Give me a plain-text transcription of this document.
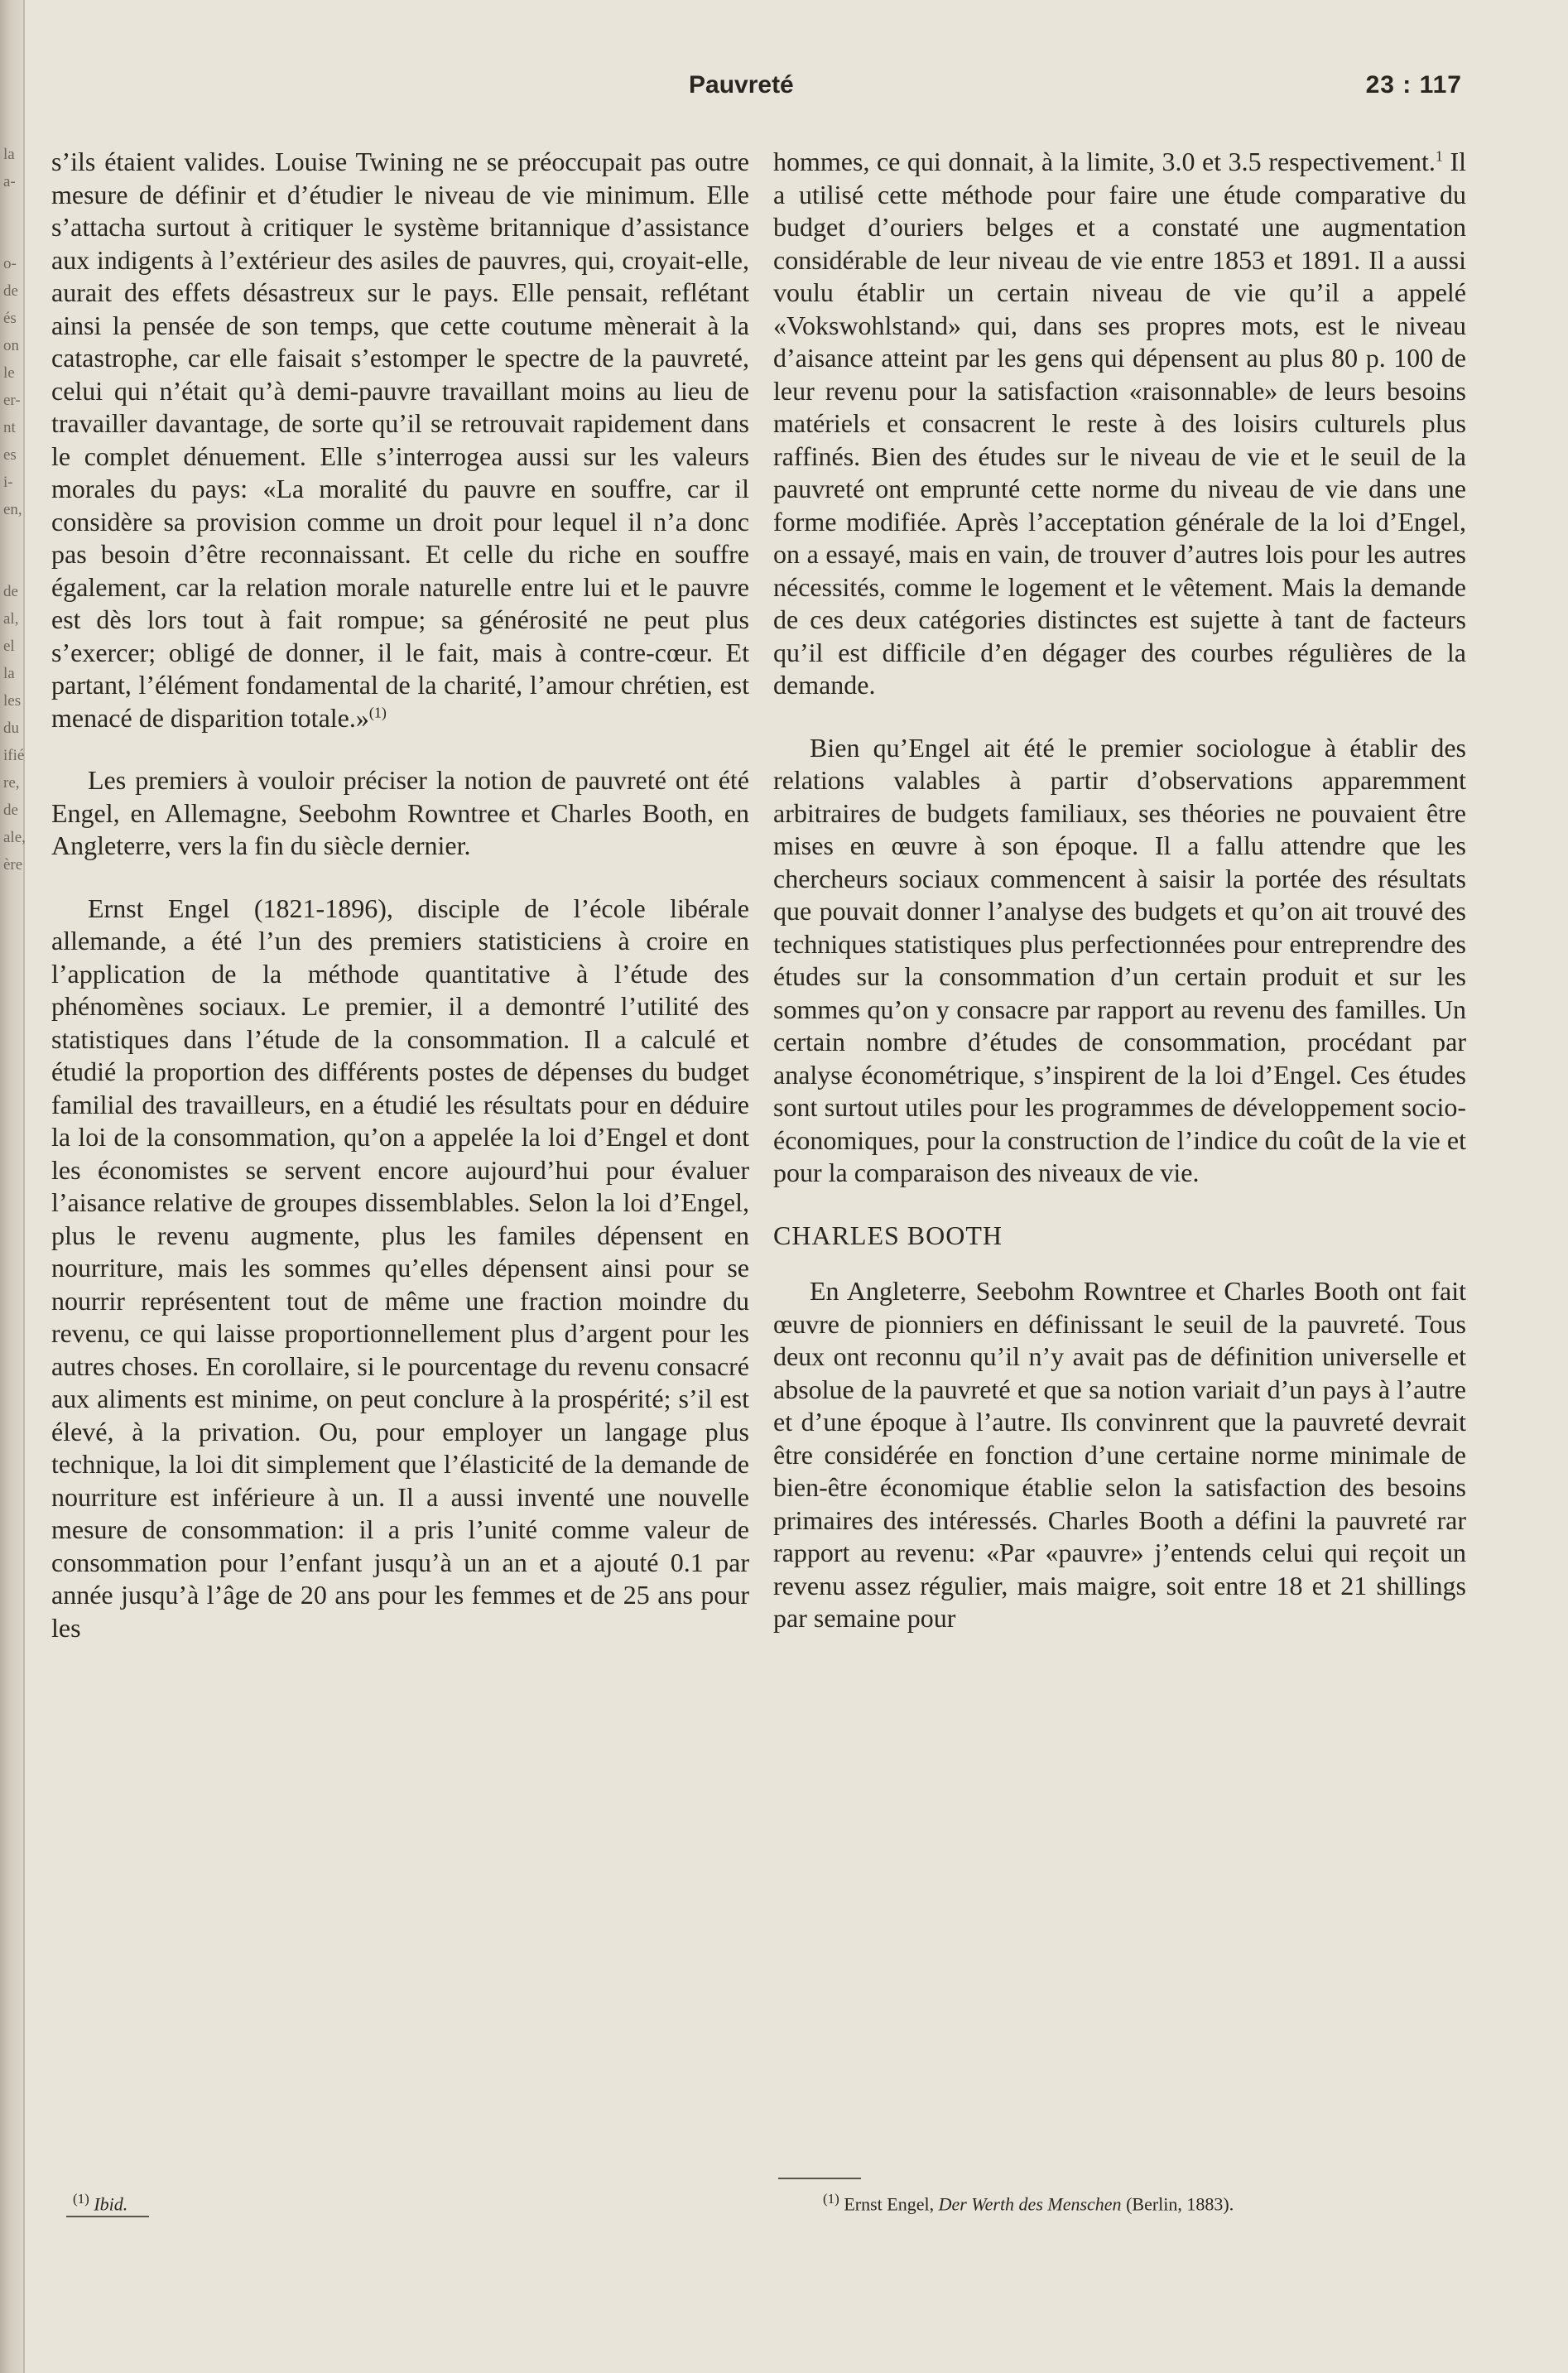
la
a-

o-
de
és
on
le
er-
nt
es
i-
en,

de
al,
el
la
les
du
ifié
re,
de
ale,
ère
Pauvreté	23 : 117

s’ils étaient valides. Louise Twining ne se préoccupait pas outre mesure de définir et d’étudier le niveau de vie minimum. Elle s’attacha surtout à critiquer le système britannique d’assistance aux indigents à l’extérieur des asiles de pauvres, qui, croyait-elle, aurait des effets désastreux sur le pays. Elle pensait, reflétant ainsi la pensée de son temps, que cette coutume mènerait à la catastrophe, car elle faisait s’estomper le spectre de la pauvreté, celui qui n’était qu’à demi-pauvre travaillant moins au lieu de travailler davantage, de sorte qu’il se retrouvait rapidement dans le complet dénuement. Elle s’interrogea aussi sur les valeurs morales du pays: «La moralité du pauvre en souffre, car il considère sa provision comme un droit pour lequel il n’a donc pas besoin d’être reconnaissant. Et celle du riche en souffre également, car la relation morale naturelle entre lui et le pauvre est dès lors tout à fait rompue; sa générosité ne peut plus s’exercer; obligé de donner, il le fait, mais à contre-cœur. Et partant, l’élément fondamental de la charité, l’amour chrétien, est menacé de disparition totale.»$^{(1)}$

Les premiers à vouloir préciser la notion de pauvreté ont été Engel, en Allemagne, Seebohm Rowntree et Charles Booth, en Angleterre, vers la fin du siècle dernier.

Ernst Engel (1821-1896), disciple de l’école libérale allemande, a été l’un des premiers statisticiens à croire en l’application de la méthode quantitative à l’étude des phénomènes sociaux. Le premier, il a demontré l’utilité des statistiques dans l’étude de la consommation. Il a calculé et étudié la proportion des différents postes de dépenses du budget familial des travailleurs, en a étudié les résultats pour en déduire la loi de la consommation, qu’on a appelée la loi d’Engel et dont les économistes se servent encore aujourd’hui pour évaluer l’aisance relative de groupes dissemblables. Selon la loi d’Engel, plus le revenu augmente, plus les familes dépensent en nourriture, mais les sommes qu’elles dépensent ainsi pour se nourrir représentent tout de même une fraction moindre du revenu, ce qui laisse proportionnellement plus d’argent pour les autres choses. En corollaire, si le pourcentage du revenu consacré aux aliments est minime, on peut conclure à la prospérité; s’il est élevé, à la privation. Ou, pour employer un langage plus technique, la loi dit simplement que l’élasticité de la demande de nourriture est inférieure à un. Il a aussi inventé une nouvelle mesure de consommation: il a pris l’unité comme valeur de consommation pour l’enfant jusqu’à un an et a ajouté 0.1 par année jusqu’à l’âge de 20 ans pour les femmes et de 25 ans pour les

hommes, ce qui donnait, à la limite, 3.0 et 3.5 respectivement.$^1$ Il a utilisé cette méthode pour faire une étude comparative du budget d’ouriers belges et a constaté une augmentation considérable de leur niveau de vie entre 1853 et 1891. Il a aussi voulu établir un certain niveau de vie qu’il a appelé «Vokswohlstand» qui, dans ses propres mots, est le niveau d’aisance atteint par les gens qui dépensent au plus 80 p. 100 de leur revenu pour la satisfaction «raisonnable» de leurs besoins matériels et consacrent le reste à des loisirs culturels plus raffinés. Bien des études sur le niveau de vie et le seuil de la pauvreté ont emprunté cette norme du niveau de vie dans une forme modifiée. Après l’acceptation générale de la loi d’Engel, on a essayé, mais en vain, de trouver d’autres lois pour les autres nécessités, comme le logement et le vêtement. Mais la demande de ces deux catégories distinctes est sujette à tant de facteurs qu’il est difficile d’en dégager des courbes régulières de la demande.

Bien qu’Engel ait été le premier sociologue à établir des relations valables à partir d’observations apparemment arbitraires de budgets familiaux, ses théories ne pouvaient être mises en œuvre à son époque. Il a fallu attendre que les chercheurs sociaux commencent à saisir la portée des résultats que pouvait donner l’analyse des budgets et qu’on ait trouvé des techniques statistiques plus perfectionnées pour entreprendre des études sur la consommation d’un certain produit et sur les sommes qu’on y consacre par rapport au revenu des familles. Un certain nombre d’études de consommation, procédant par analyse économétrique, s’inspirent de la loi d’Engel. Ces études sont surtout utiles pour les programmes de développement socio-économiques, pour la construction de l’indice du coût de la vie et pour la comparaison des niveaux de vie.

CHARLES BOOTH

En Angleterre, Seebohm Rowntree et Charles Booth ont fait œuvre de pionniers en définissant le seuil de la pauvreté. Tous deux ont reconnu qu’il n’y avait pas de définition universelle et absolue de la pauvreté et que sa notion variait d’un pays à l’autre et d’une époque à l’autre. Ils convinrent que la pauvreté devrait être considérée en fonction d’une certaine norme minimale de bien-être économique établie selon la satisfaction des besoins primaires des intéressés. Charles Booth a défini la pauvreté rar rapport au revenu: «Par «pauvre» j’entends celui qui reçoit un revenu assez régulier, mais maigre, soit entre 18 et 21 shillings par semaine pour

$^{(1)}$ Ibid.	$^{(1)}$ Ernst Engel, Der Werth des Menschen (Berlin, 1883).
